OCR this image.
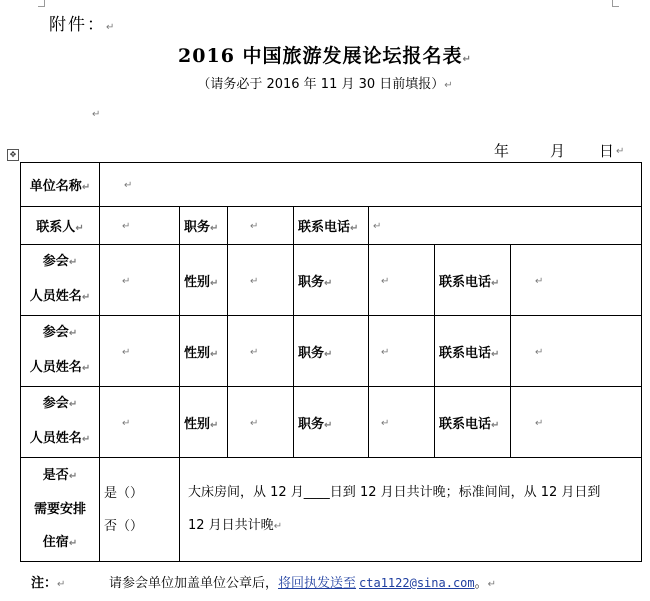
附件：↵
2016 中国旅游发展论坛报名表↵
（请务必于 2016 年 11 月 30 日前填报）↵
↵
年	月 日 ↵
✥
单位名称↵	↵						
联系人↵	↵	职务↵	↵	联系电话↵	↵		
参会↵
人员姓名↵	↵	性别↵	↵	职务↵	↵	联系电话↵	↵
参会↵
人员姓名↵	↵	性别↵	↵	职务↵	↵	联系电话↵	↵
参会↵
人员姓名↵	↵	性别↵	↵	职务↵	↵	联系电话↵	↵
是否↵
需要安排
住宿↵	是（）
否（）	大床房间，从 12 月____日到 12 月日共计晚；标准间间，从 12 月日到
12 月日共计晚↵					
注：↵	请参会单位加盖单位公章后，将回执发送至 cta1122@sina.com。↵
